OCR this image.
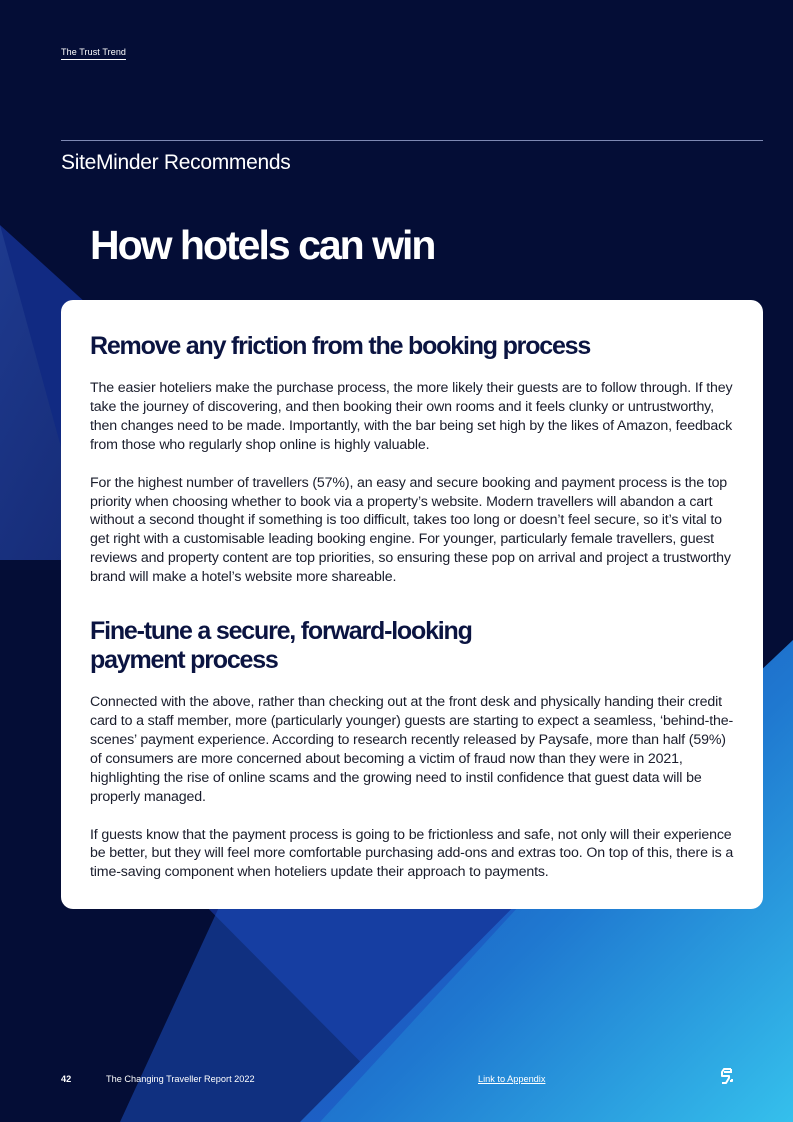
The Trust Trend
SiteMinder Recommends
How hotels can win
Remove any friction from the booking process

The easier hoteliers make the purchase process, the more likely their guests are to follow through. If they take the journey of discovering, and then booking their own rooms and it feels clunky or untrustworthy, then changes need to be made. Importantly, with the bar being set high by the likes of Amazon, feedback from those who regularly shop online is highly valuable.

For the highest number of travellers (57%), an easy and secure booking and payment process is the top priority when choosing whether to book via a property’s website. Modern travellers will abandon a cart without a second thought if something is too difficult, takes too long or doesn’t feel secure, so it’s vital to get right with a customisable leading booking engine. For younger, particularly female travellers, guest reviews and property content are top priorities, so ensuring these pop on arrival and project a trustworthy brand will make a hotel’s website more shareable.

Fine-tune a secure, forward-looking payment process

Connected with the above, rather than checking out at the front desk and physically handing their credit card to a staff member, more (particularly younger) guests are starting to expect a seamless, ‘behind-the-scenes’ payment experience. According to research recently released by Paysafe, more than half (59%) of consumers are more concerned about becoming a victim of fraud now than they were in 2021, highlighting the rise of online scams and the growing need to instil confidence that guest data will be properly managed.

If guests know that the payment process is going to be frictionless and safe, not only will their experience be better, but they will feel more comfortable purchasing add-ons and extras too. On top of this, there is a time-saving component when hoteliers update their approach to payments.

42	The Changing Traveller Report 2022	Link to Appendix
